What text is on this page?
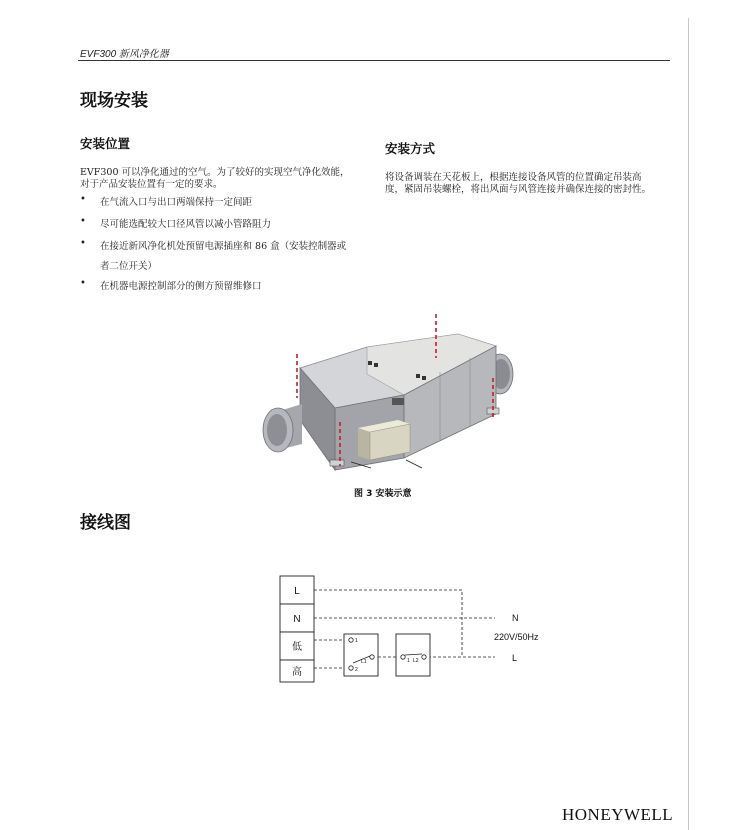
EVF300 新风净化器
现场安装
安装位置
EVF300 可以净化通过的空气。为了较好的实现空气净化效能，
对于产品安装位置有一定的要求。
• 在气流入口与出口两端保持一定间距
• 尽可能选配较大口径风管以减小管路阻力
• 在接近新风净化机处预留电源插座和 86 盒（安装控制器或
者二位开关）
• 在机器电源控制部分的侧方预留维修口
安装方式
将设备调装在天花板上，根据连接设备风管的位置确定吊装高
度，紧固吊装螺栓，将出风面与风管连接并确保连接的密封性。
图 3 安装示意
接线图
L
N
低
高
1
2
L1	1 L2
N
220V/50Hz
L
HONEYWELL
